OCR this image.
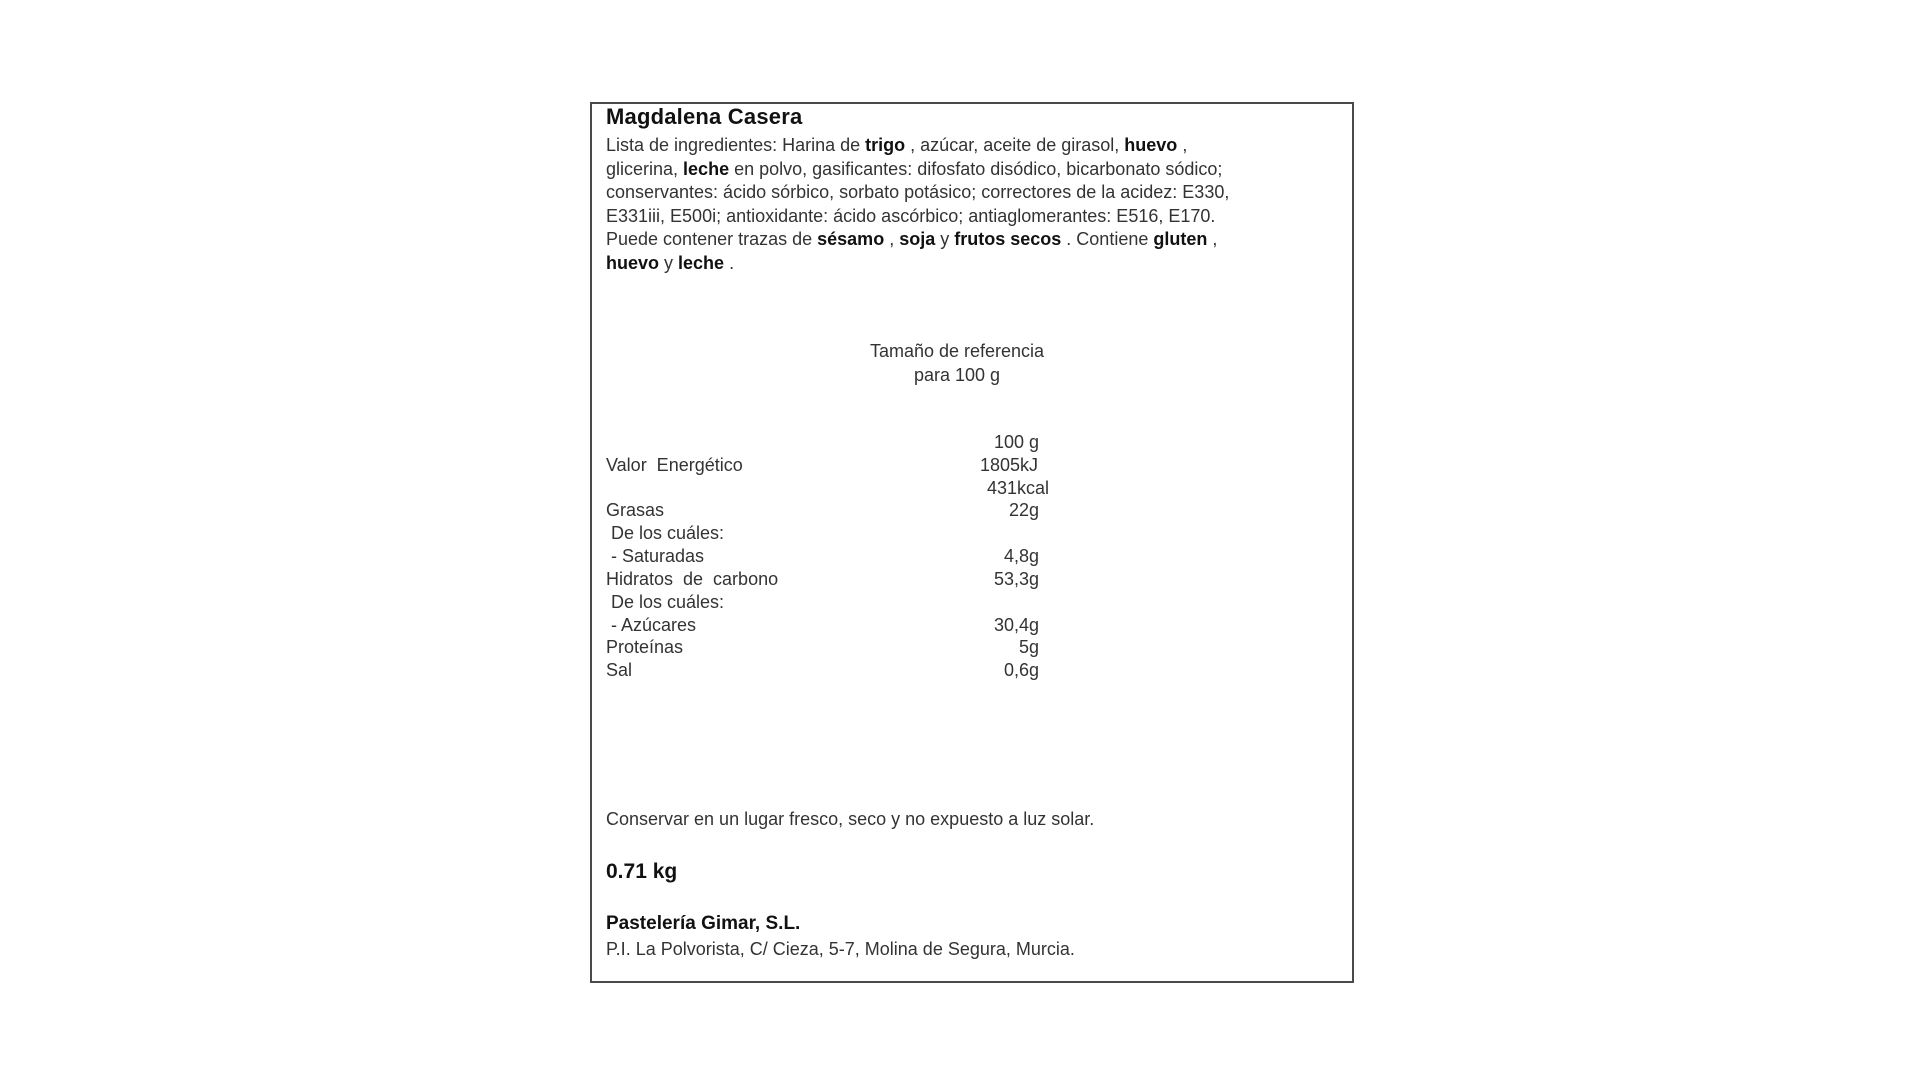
Magdalena Casera
Lista de ingredientes: Harina de trigo , azúcar, aceite de girasol, huevo ,
glicerina, leche en polvo, gasificantes: difosfato disódico, bicarbonato sódico;
conservantes: ácido sórbico, sorbato potásico; correctores de la acidez: E330,
E331iii, E500i; antioxidante: ácido ascórbico; antiaglomerantes: E516, E170.
Puede contener trazas de sésamo , soja y frutos secos . Contiene gluten ,
huevo y leche .
Tamaño de referencia
para 100 g
100 g
Valor  Energético	1805kJ
431kcal
Grasas	22g
De los cuáles:
- Saturadas	4,8g
Hidratos  de  carbono	53,3g
De los cuáles:
- Azúcares	30,4g
Proteínas	5g
Sal	0,6g
Conservar en un lugar fresco, seco y no expuesto a luz solar.
0.71 kg
Pastelería Gimar, S.L.
P.I. La Polvorista, C/ Cieza, 5-7, Molina de Segura, Murcia.
